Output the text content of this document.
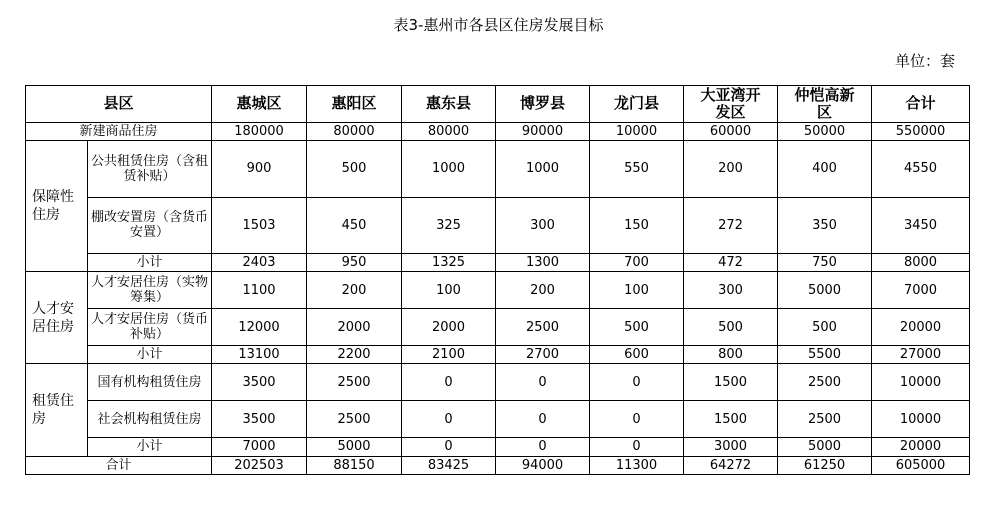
表3-惠州市各县区住房发展目标
单位：套
县区		惠城区	惠阳区	惠东县	博罗县	龙门县	大亚湾开发区	仲恺高新区	合计
新建商品住房		180000	80000	80000	90000	10000	60000	50000	550000
保障性住房	公共租赁住房（含租赁补贴）	900	500	1000	1000	550	200	400	4550
	棚改安置房（含货币安置）	1503	450	325	300	150	272	350	3450
	小计	2403	950	1325	1300	700	472	750	8000
人才安居住房	人才安居住房（实物筹集）	1100	200	100	200	100	300	5000	7000
	人才安居住房（货币补贴）	12000	2000	2000	2500	500	500	500	20000
	小计	13100	2200	2100	2700	600	800	5500	27000
租赁住房	国有机构租赁住房	3500	2500	0	0	0	1500	2500	10000
	社会机构租赁住房	3500	2500	0	0	0	1500	2500	10000
	小计	7000	5000	0	0	0	3000	5000	20000
合计		202503	88150	83425	94000	11300	64272	61250	605000
